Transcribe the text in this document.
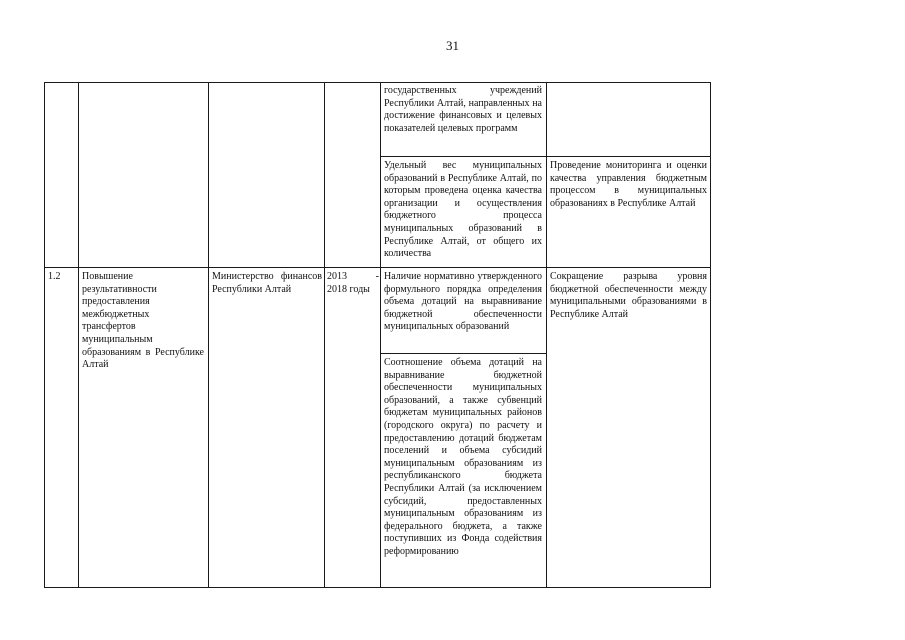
31
государственных учреждений Республики Алтай, направленных на достижение финансовых и целевых показателей целевых программ
Удельный вес муниципальных образований в Республике Алтай, по которым проведена оценка качества организации и осуществления бюджетного процесса муниципальных образований в Республике Алтай, от общего их количества
Проведение мониторинга и оценки качества управления бюджетным процессом в муниципальных образованиях в Республике Алтай
1.2	Повышение результативности предоставления межбюджетных трансфертов муниципальным образованиям в Республике Алтай
Министерство финансов Республики Алтай
2013	-
2018 годы
Наличие нормативно утвержденного формульного порядка определения объема дотаций на выравнивание бюджетной обеспеченности муниципальных образований
Сокращение разрыва уровня бюджетной обеспеченности между муниципальными образованиями в Республике Алтай
Соотношение объема дотаций на выравнивание бюджетной обеспеченности муниципальных образований, а также субвенций бюджетам муниципальных районов (городского округа) по расчету и предоставлению дотаций бюджетам поселений и объема субсидий муниципальным образованиям из республиканского бюджета Республики Алтай (за исключением субсидий, предоставленных муниципальным образованиям из федерального бюджета, а также поступивших из Фонда содействия реформированию
